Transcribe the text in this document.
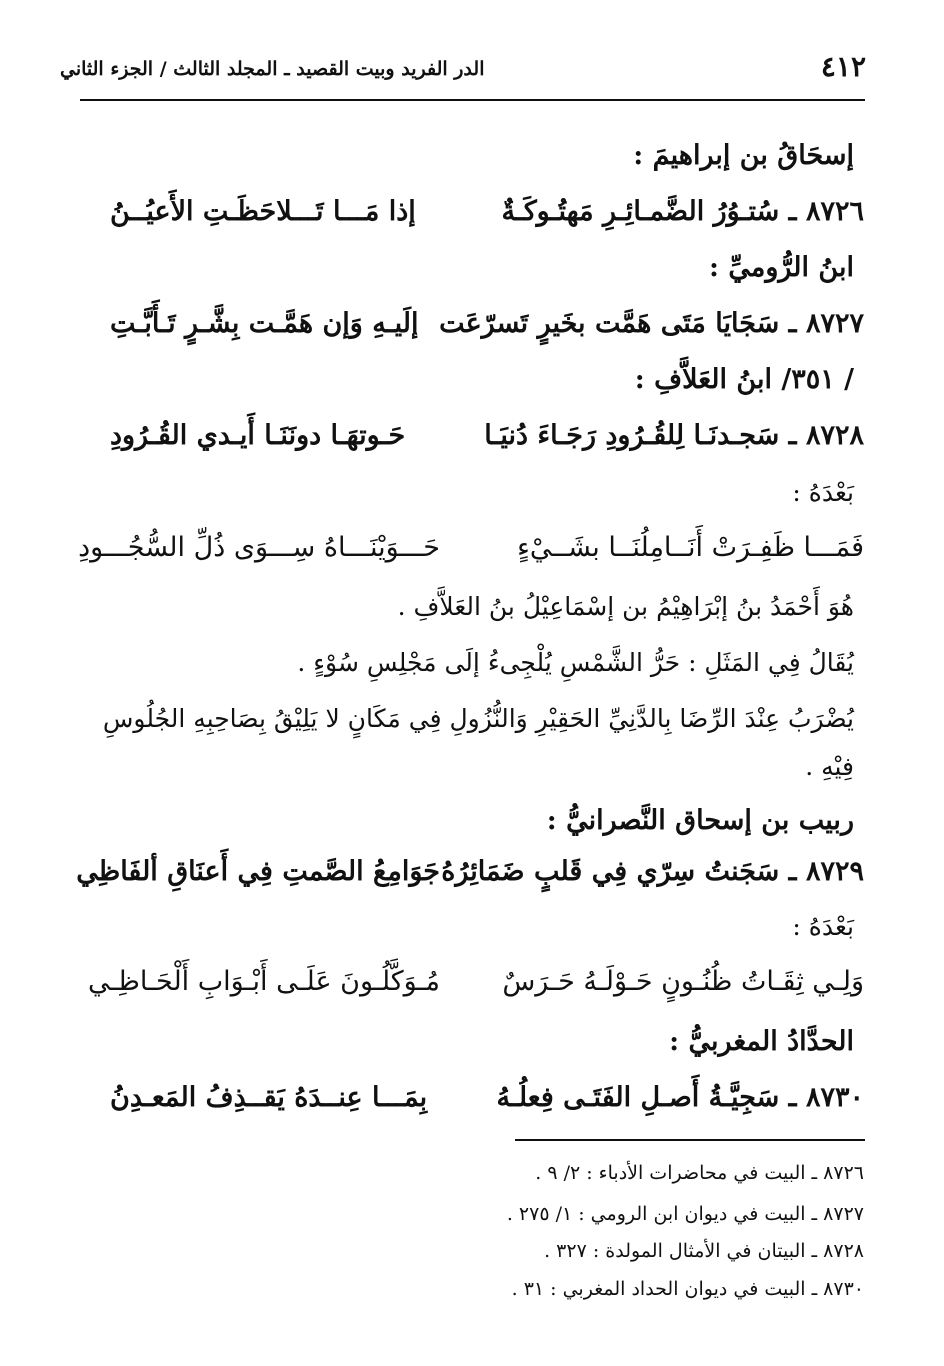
الدر الفريد وبيت القصيد ـ المجلد الثالث / الجزء الثاني	٤١٢
إسحَاقُ بن إبراهيمَ :
٨٧٢٦ ـ سُتـوُرُ الضَّمـائِـرِ مَهتُـوكَـةٌ
إذا مَـــا تَـــلاحَظَـتِ الأَعيُــنُ
ابنُ الرُّوميِّ :
٨٧٢٧ ـ سَجَايَا مَتَى هَمَّت بخَيرٍ تَسرّعَت
إلَيـهِ وَإن هَمَّـت بِشَّـرٍ تَـأَبَّـتِ
/ ٣٥١/ ابنُ العَلاَّفِ :
٨٧٢٨ ـ سَجـدنَـا لِلقُـرُودِ رَجَـاءَ دُنيَـا
حَـوتهَـا دونَنَـا أَيـدي القُـرُودِ
بَعْدَهُ :
فَمَـــا ظَفِـرَتْ أَنَــامِلُنَــا بشَــيْءٍ
حَـــوَيْنَـــاهُ سِـــوَى ذُلِّ السُّجُـــودِ
هُوَ أَحْمَدُ بنُ إبْرَاهِيْمُ بن إسْمَاعِيْلُ بنُ العَلاَّفِ .
يُقَالُ فِي المَثَلِ : حَرُّ الشَّمْسِ يُلْجِىءُ إلَى مَجْلِسِ سُوْءٍ .
يُضْرَبُ عِنْدَ الرِّضَا بِالدَّنِيِّ الحَقِيْرِ وَالنُّزُولِ فِي مَكَانٍ لا يَلِيْقُ بِصَاحِبِهِ الجُلُوسِ
فِيْهِ .
ربيب بن إسحاق النَّصرانيُّ :
٨٧٢٩ ـ سَجَنتُ سِرّي فِي قَلبٍ ضَمَائِرُهُ
جَوَامِعُ الصَّمتِ فِي أَعنَاقِ ألفَاظِي
بَعْدَهُ :
وَلِـي ثِقَـاتُ ظُنُـونٍ حَـوْلَـهُ حَـرَسٌ
مُـوَكَّلُـونَ عَلَـى أَبْـوَابِ أَلْحَـاظِـي
الحدَّادُ المغربيُّ :
٨٧٣٠ ـ سَجِيَّـةُ أَصـلِ الفَتَـى فِعلُـهُ
بِمَـــا عِنــدَهُ يَقــذِفُ المَعـدِنُ
٨٧٢٦ ـ البيت في محاضرات الأدباء : ٢/ ٩ .
٨٧٢٧ ـ البيت في ديوان ابن الرومي : ١/ ٢٧٥ .
٨٧٢٨ ـ البيتان في الأمثال المولدة : ٣٢٧ .
٨٧٣٠ ـ البيت في ديوان الحداد المغربي : ٣١ .
